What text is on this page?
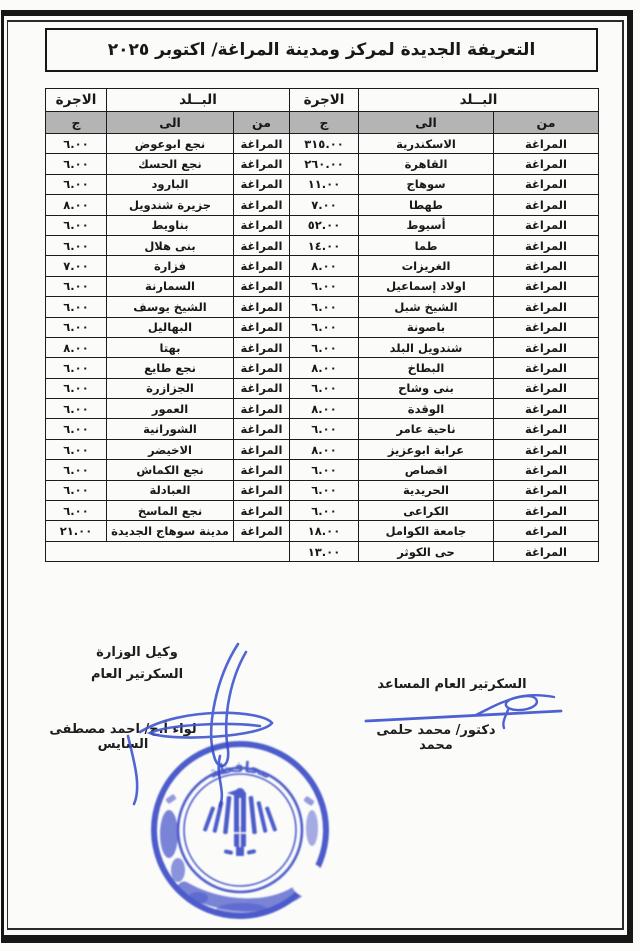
التعريفة الجديدة لمركز ومدينة المراغة/ اكتوبر ٢٠٢٥
البــلد		الاجرة	البــلد		الاجرة
من	الى	ج	من	الى	ج
المراغة	الاسكندرية	٣١٥.٠٠	المراغة	نجع ابوعوض	٦.٠٠
المراغة	القاهرة	٢٦٠.٠٠	المراغة	نجع الحسك	٦.٠٠
المراغة	سوهاج	١١.٠٠	المراغة	البارود	٦.٠٠
المراغة	طهطا	٧.٠٠	المراغة	جزيرة شندويل	٨.٠٠
المراغة	أسيوط	٥٢.٠٠	المراغة	بناويط	٦.٠٠
المراغة	طما	١٤.٠٠	المراغة	بنى هلال	٦.٠٠
المراغة	الغريزات	٨.٠٠	المراغة	فزارة	٧.٠٠
المراغة	اولاد إسماعيل	٦.٠٠	المراغة	السمارنة	٦.٠٠
المراغة	الشيخ شبل	٦.٠٠	المراغة	الشيخ يوسف	٦.٠٠
المراغة	باصونة	٦.٠٠	المراغة	البهاليل	٦.٠٠
المراغة	شندويل البلد	٦.٠٠	المراغة	بهتا	٨.٠٠
المراغة	البطاخ	٨.٠٠	المراغة	نجع طايع	٦.٠٠
المراغة	بنى وشاح	٦.٠٠	المراغة	الجزازرة	٦.٠٠
المراغة	الوقدة	٨.٠٠	المراغة	العمور	٦.٠٠
المراغة	ناحية عامر	٦.٠٠	المراغة	الشورانية	٦.٠٠
المراغة	عرابة ابوعزيز	٨.٠٠	المراغة	الاخيضر	٦.٠٠
المراغة	اقصاص	٦.٠٠	المراغة	نجع الكماش	٦.٠٠
المراغة	الحريدية	٦.٠٠	المراغة	العبادلة	٦.٠٠
المراغة	الكراعى	٦.٠٠	المراغة	نجع الماسخ	٦.٠٠
المراغه	جامعة الكوامل	١٨.٠٠	المراغة	مدينة سوهاج الجديدة	٢١.٠٠
المراغة	حى الكوثر	١٣.٠٠			
السكرتير العام المساعد
دكتور/ محمد حلمى محمد
وكيل الوزارة
السكرتير العام
لواء أ.ح/ احمد مصطفى السايس
محافظة
